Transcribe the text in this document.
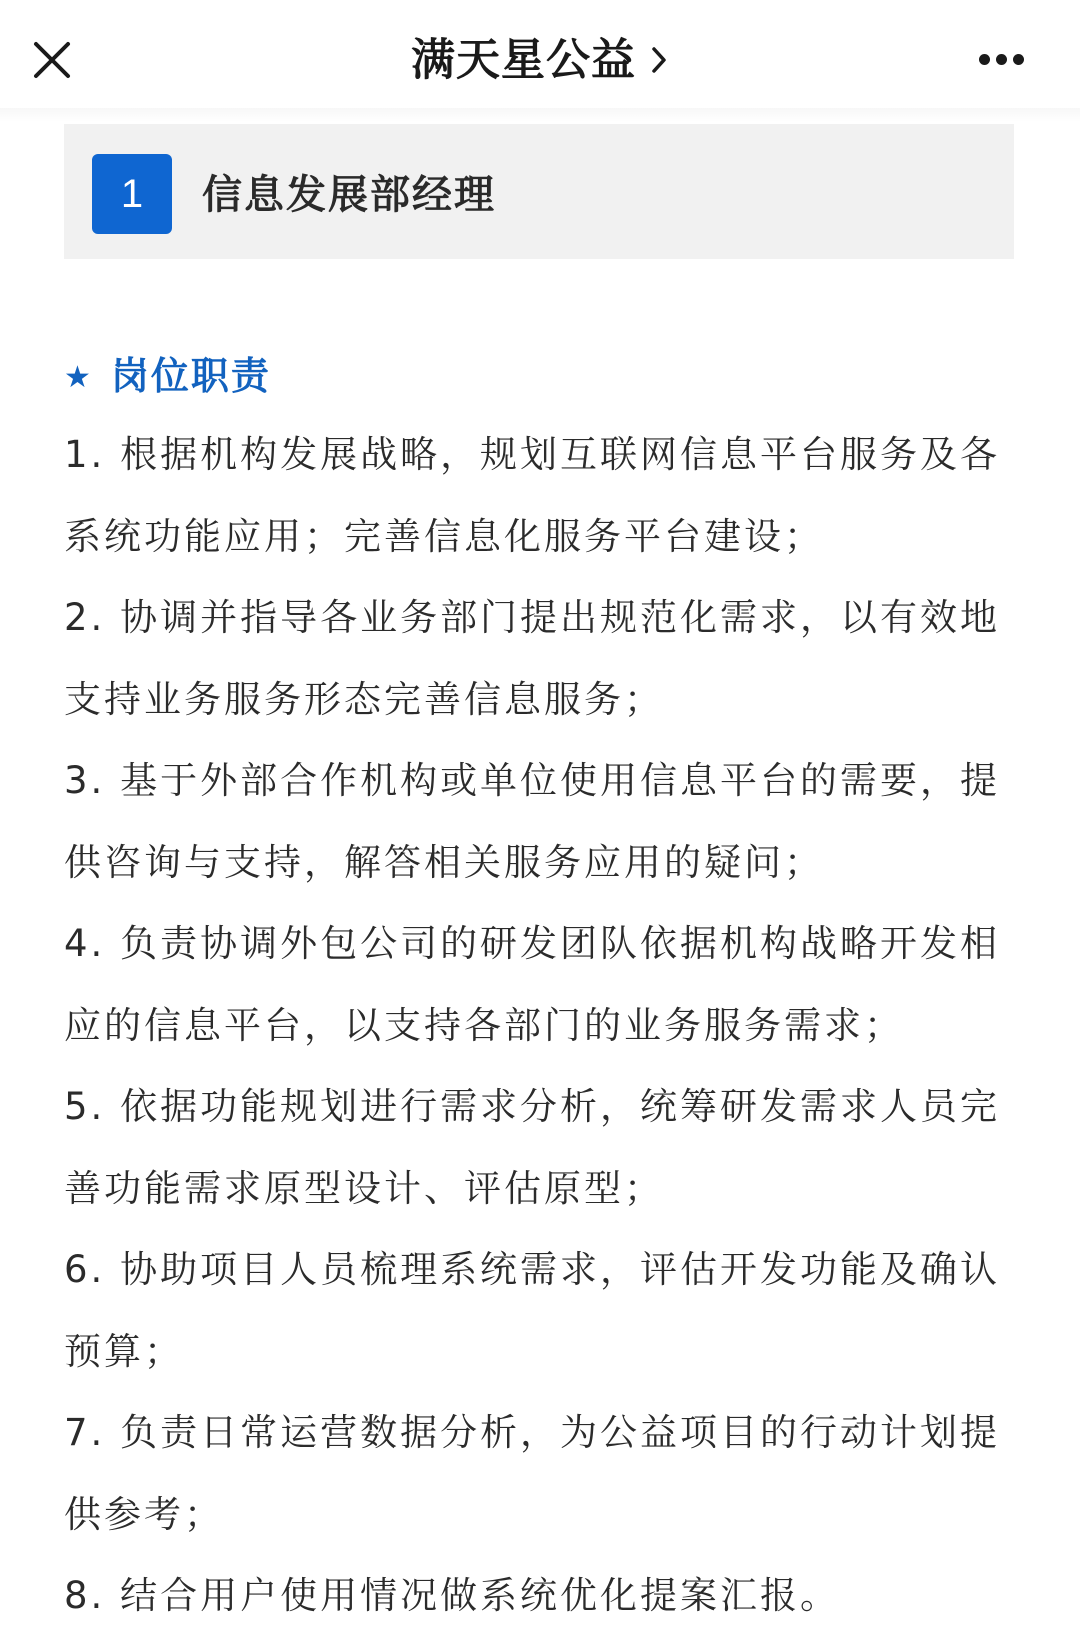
满天星公益
1	信息发展部经理
★ 岗位职责
1. 根据机构发展战略，规划互联网信息平台服务及各系统功能应用；完善信息化服务平台建设；
2. 协调并指导各业务部门提出规范化需求，以有效地支持业务服务形态完善信息服务；
3. 基于外部合作机构或单位使用信息平台的需要，提供咨询与支持，解答相关服务应用的疑问；
4. 负责协调外包公司的研发团队依据机构战略开发相应的信息平台，以支持各部门的业务服务需求；
5. 依据功能规划进行需求分析，统筹研发需求人员完善功能需求原型设计、评估原型；
6. 协助项目人员梳理系统需求，评估开发功能及确认预算；
7. 负责日常运营数据分析，为公益项目的行动计划提供参考；
8. 结合用户使用情况做系统优化提案汇报。
